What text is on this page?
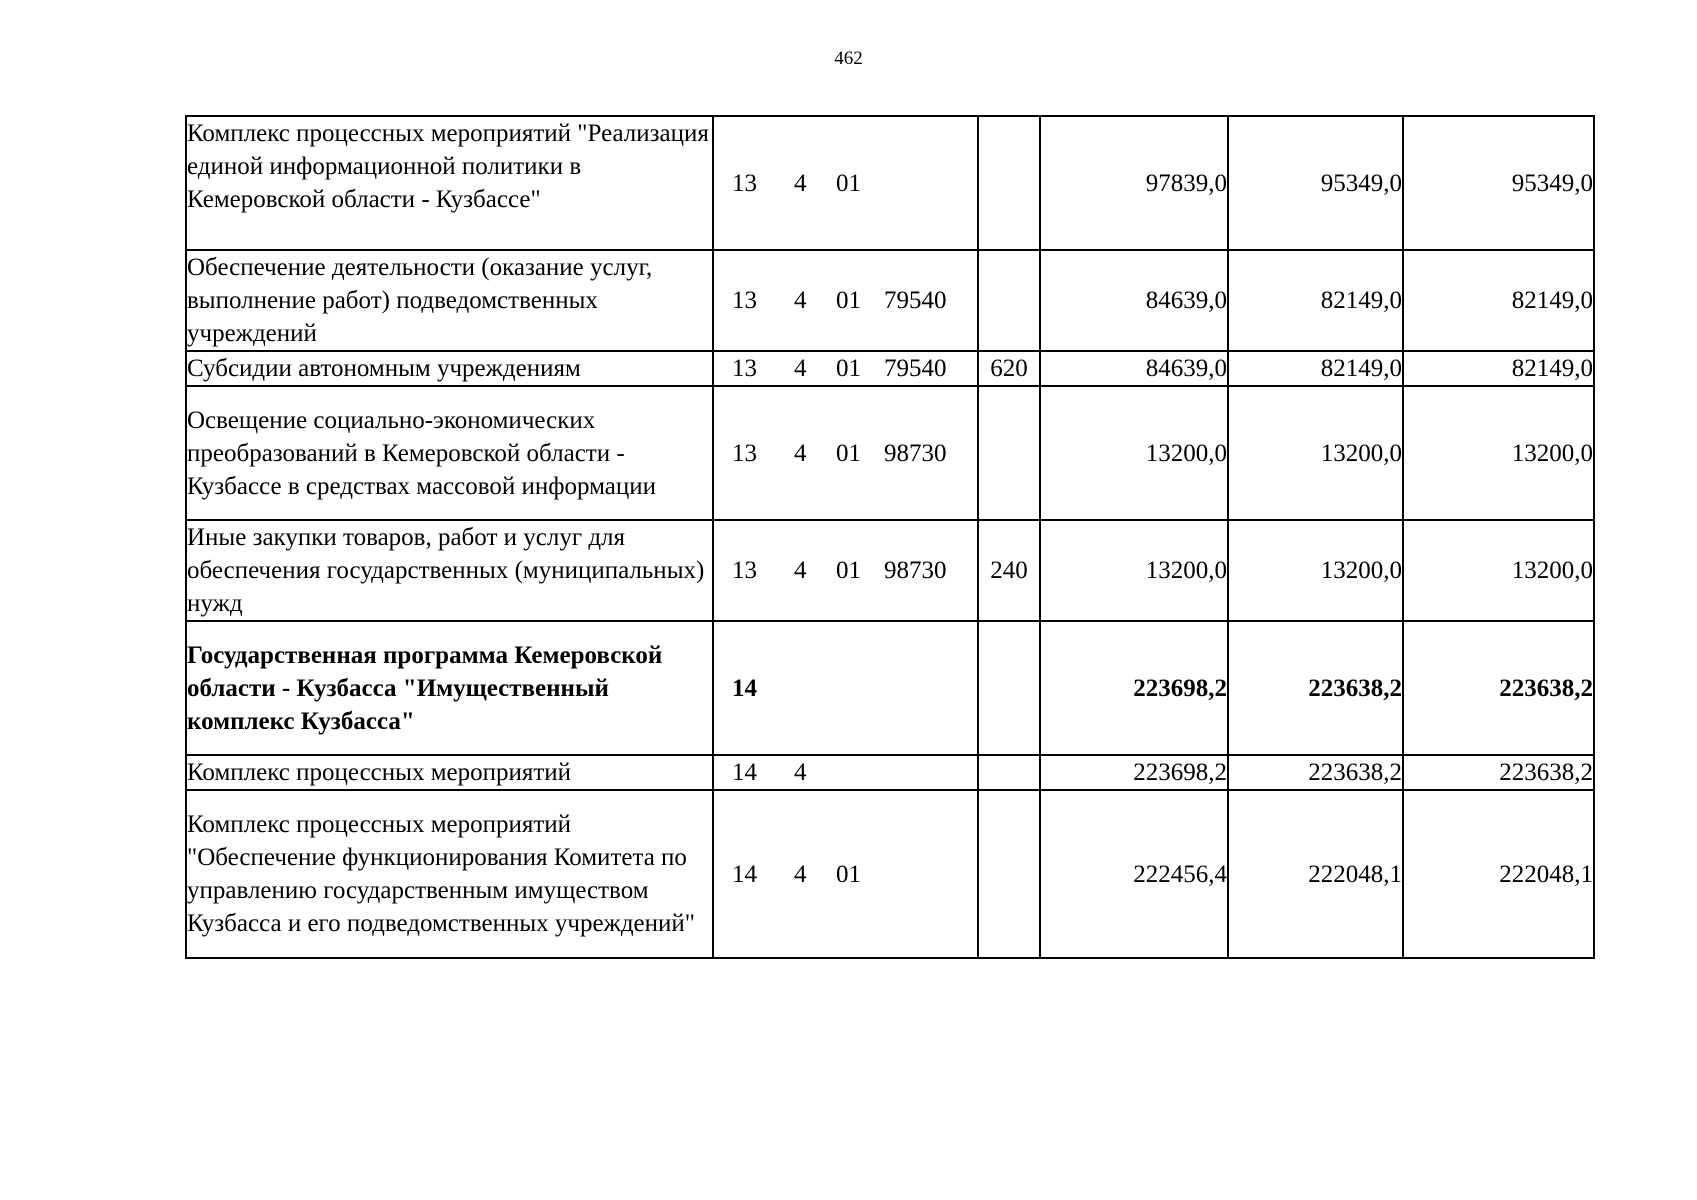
462
Комплекс процессных мероприятий "Реализация единой информационной политики в Кемеровской области - Кузбассе"	13 4 01		97839,0	95349,0	95349,0
Обеспечение деятельности (оказание услуг, выполнение работ) подведомственных учреждений	13 4 01 79540		84639,0	82149,0	82149,0
Субсидии автономным учреждениям	13 4 01 79540	620	84639,0	82149,0	82149,0
Освещение социально-экономических преобразований в Кемеровской области - Кузбассе в средствах массовой информации	13 4 01 98730		13200,0	13200,0	13200,0
Иные закупки товаров, работ и услуг для обеспечения государственных (муниципальных) нужд	13 4 01 98730	240	13200,0	13200,0	13200,0
Государственная программа Кемеровской области - Кузбасса "Имущественный комплекс Кузбасса"	14		223698,2	223638,2	223638,2
Комплекс процессных мероприятий	14 4		223698,2	223638,2	223638,2
Комплекс процессных мероприятий "Обеспечение функционирования Комитета по управлению государственным имуществом Кузбасса и его подведомственных учреждений"	14 4 01		222456,4	222048,1	222048,1
